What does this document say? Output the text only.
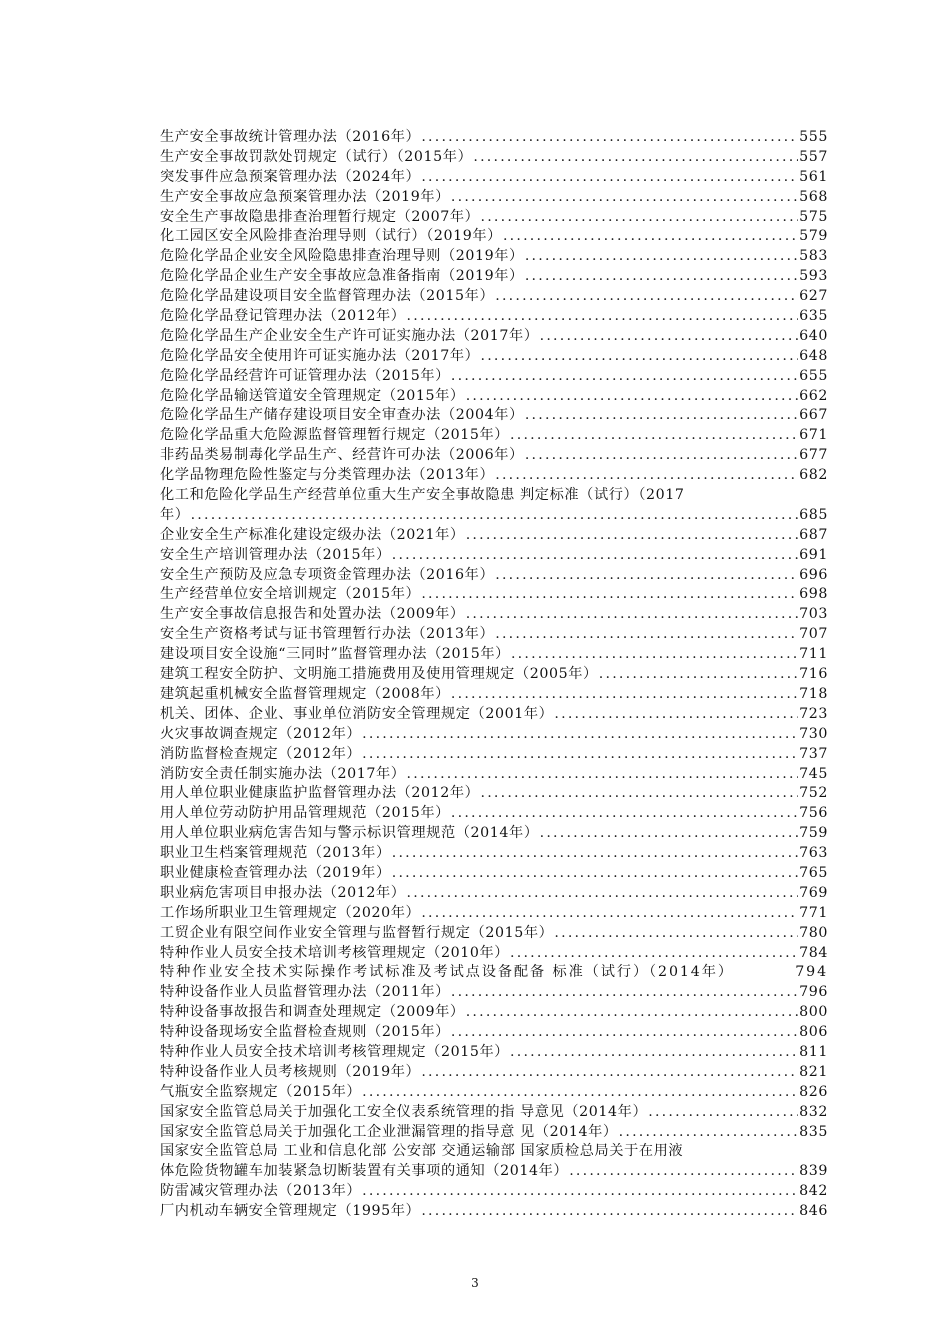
生产安全事故统计管理办法（2016年） .....	555
生产安全事故罚款处罚规定（试行）（2015年） .....	557
突发事件应急预案管理办法（2024年） .....	561
生产安全事故应急预案管理办法（2019年） .....	568
安全生产事故隐患排查治理暂行规定（2007年） .....	575
化工园区安全风险排查治理导则（试行）（2019年） .....	579
危险化学品企业安全风险隐患排查治理导则（2019年） .....	583
危险化学品企业生产安全事故应急准备指南（2019年） .....	593
危险化学品建设项目安全监督管理办法（2015年） .....	627
危险化学品登记管理办法（2012年） .....	635
危险化学品生产企业安全生产许可证实施办法（2017年） .....	640
危险化学品安全使用许可证实施办法（2017年） .....	648
危险化学品经营许可证管理办法（2015年） .....	655
危险化学品输送管道安全管理规定（2015年） .....	662
危险化学品生产储存建设项目安全审查办法（2004年） .....	667
危险化学品重大危险源监督管理暂行规定（2015年） .....	671
非药品类易制毒化学品生产、经营许可办法（2006年） .....	677
化学品物理危险性鉴定与分类管理办法（2013年） .....	682
化工和危险化学品生产经营单位重大生产安全事故隐患 判定标准（试行）（2017
年） .....	685
企业安全生产标准化建设定级办法（2021年） .....	687
安全生产培训管理办法（2015年） .....	691
安全生产预防及应急专项资金管理办法（2016年） .....	696
生产经营单位安全培训规定（2015年） .....	698
生产安全事故信息报告和处置办法（2009年） .....	703
安全生产资格考试与证书管理暂行办法（2013年） .....	707
建设项目安全设施“三同时”监督管理办法（2015年） .....	711
建筑工程安全防护、文明施工措施费用及使用管理规定（2005年） .....	716
建筑起重机械安全监督管理规定（2008年） .....	718
机关、团体、企业、事业单位消防安全管理规定（2001年） .....	723
火灾事故调查规定（2012年） .....	730
消防监督检查规定（2012年） .....	737
消防安全责任制实施办法（2017年） .....	745
用人单位职业健康监护监督管理办法（2012年） .....	752
用人单位劳动防护用品管理规范（2015年） .....	756
用人单位职业病危害告知与警示标识管理规范（2014年） .....	759
职业卫生档案管理规范（2013年） .....	763
职业健康检查管理办法（2019年） .....	765
职业病危害项目申报办法（2012年） .....	769
工作场所职业卫生管理规定（2020年） .....	771
工贸企业有限空间作业安全管理与监督暂行规定（2015年） .....	780
特种作业人员安全技术培训考核管理规定（2010年） .....	784
特种作业安全技术实际操作考试标准及考试点设备配备 标准（试行）（2014年）	794
特种设备作业人员监督管理办法（2011年） .....	796
特种设备事故报告和调查处理规定（2009年） .....	800
特种设备现场安全监督检查规则（2015年） .....	806
特种作业人员安全技术培训考核管理规定（2015年） .....	811
特种设备作业人员考核规则（2019年） .....	821
气瓶安全监察规定（2015年） .....	826
国家安全监管总局关于加强化工安全仪表系统管理的指 导意见（2014年） .....	832
国家安全监管总局关于加强化工企业泄漏管理的指导意 见（2014年） .....	835
国家安全监管总局 工业和信息化部 公安部 交通运输部 国家质检总局关于在用液
体危险货物罐车加装紧急切断装置有关事项的通知（2014年） .....	839
防雷减灾管理办法（2013年） .....	842
厂内机动车辆安全管理规定（1995年） .....	846
3
